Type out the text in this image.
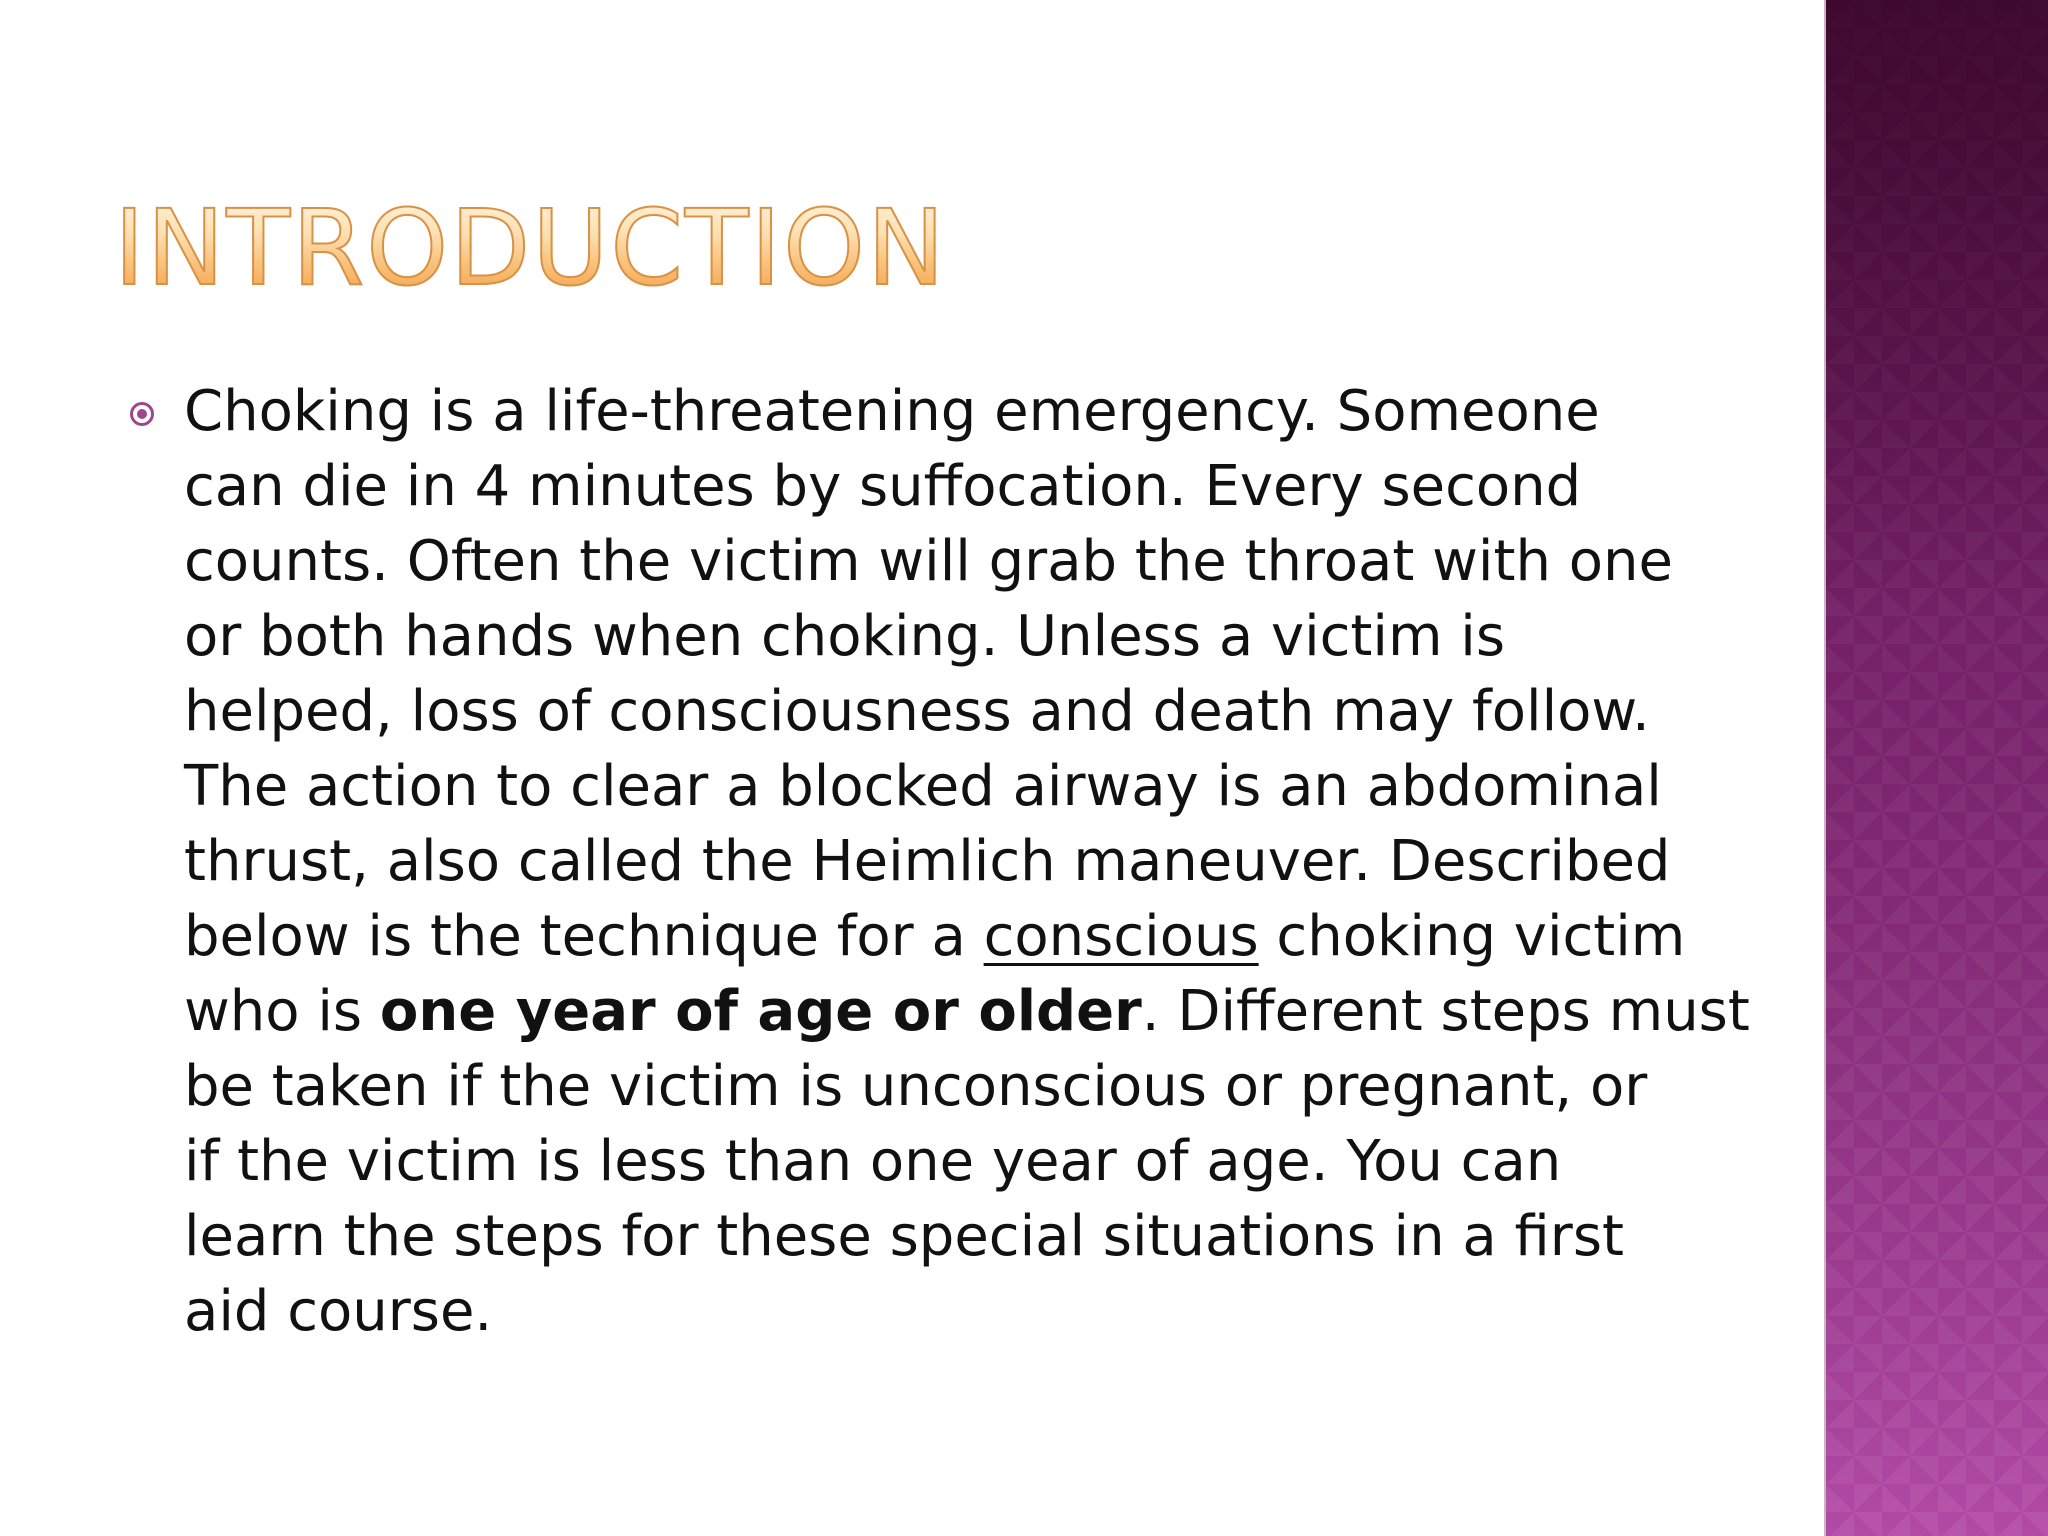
INTRODUCTION
Choking is a life-threatening emergency. Someone
can die in 4 minutes by suffocation. Every second
counts. Often the victim will grab the throat with one
or both hands when choking. Unless a victim is
helped, loss of consciousness and death may follow.
The action to clear a blocked airway is an abdominal
thrust, also called the Heimlich maneuver. Described
below is the technique for a conscious choking victim
who is one year of age or older. Different steps must
be taken if the victim is unconscious or pregnant, or
if the victim is less than one year of age. You can
learn the steps for these special situations in a first
aid course.
